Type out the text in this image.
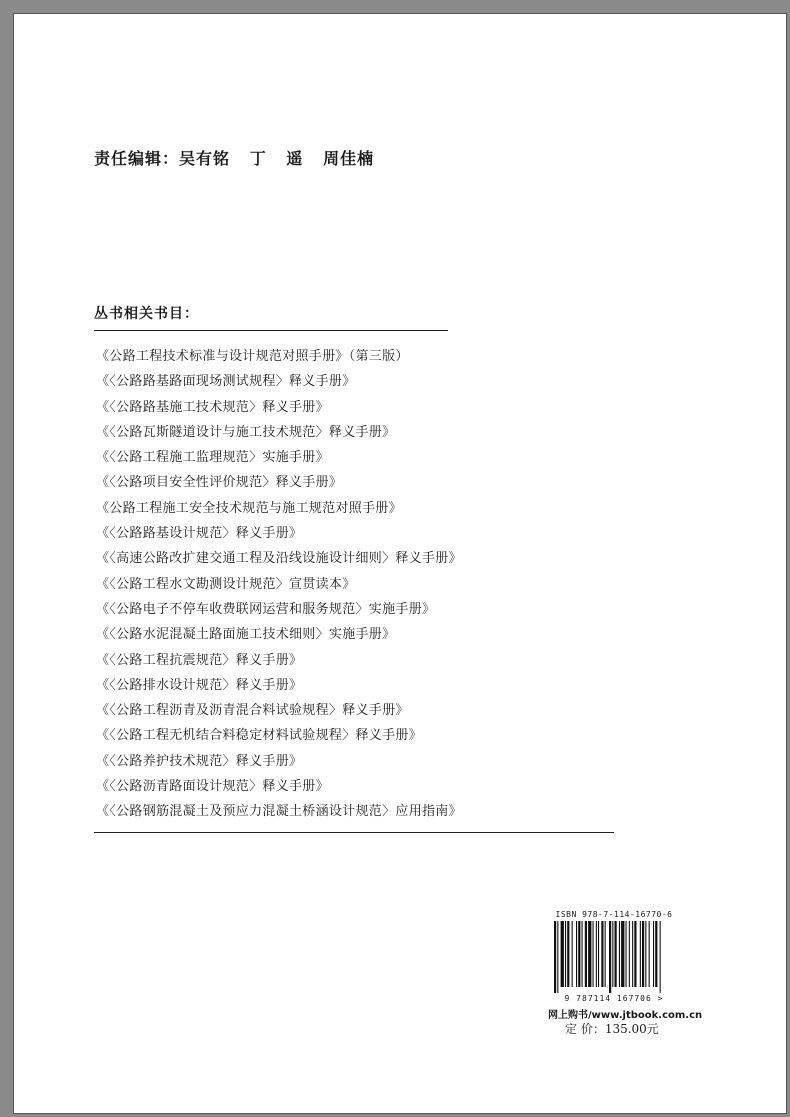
责任编辑：吴有铭   丁   遥   周佳楠
丛书相关书目：
《公路工程技术标准与设计规范对照手册》（第三版）
《〈公路路基路面现场测试规程〉释义手册》
《〈公路路基施工技术规范〉释义手册》
《〈公路瓦斯隧道设计与施工技术规范〉释义手册》
《〈公路工程施工监理规范〉实施手册》
《〈公路项目安全性评价规范〉释义手册》
《公路工程施工安全技术规范与施工规范对照手册》
《〈公路路基设计规范〉释义手册》
《〈高速公路改扩建交通工程及沿线设施设计细则〉释义手册》
《〈公路工程水文勘测设计规范〉宣贯读本》
《〈公路电子不停车收费联网运营和服务规范〉实施手册》
《〈公路水泥混凝土路面施工技术细则〉实施手册》
《〈公路工程抗震规范〉释义手册》
《〈公路排水设计规范〉释义手册》
《〈公路工程沥青及沥青混合料试验规程〉释义手册》
《〈公路工程无机结合料稳定材料试验规程〉释义手册》
《〈公路养护技术规范〉释义手册》
《〈公路沥青路面设计规范〉释义手册》
《〈公路钢筋混凝土及预应力混凝土桥涵设计规范〉应用指南》
ISBN 978-7-114-16770-6
9 787114 167706 >
网上购书/www.jtbook.com.cn
定 价：135.00元
